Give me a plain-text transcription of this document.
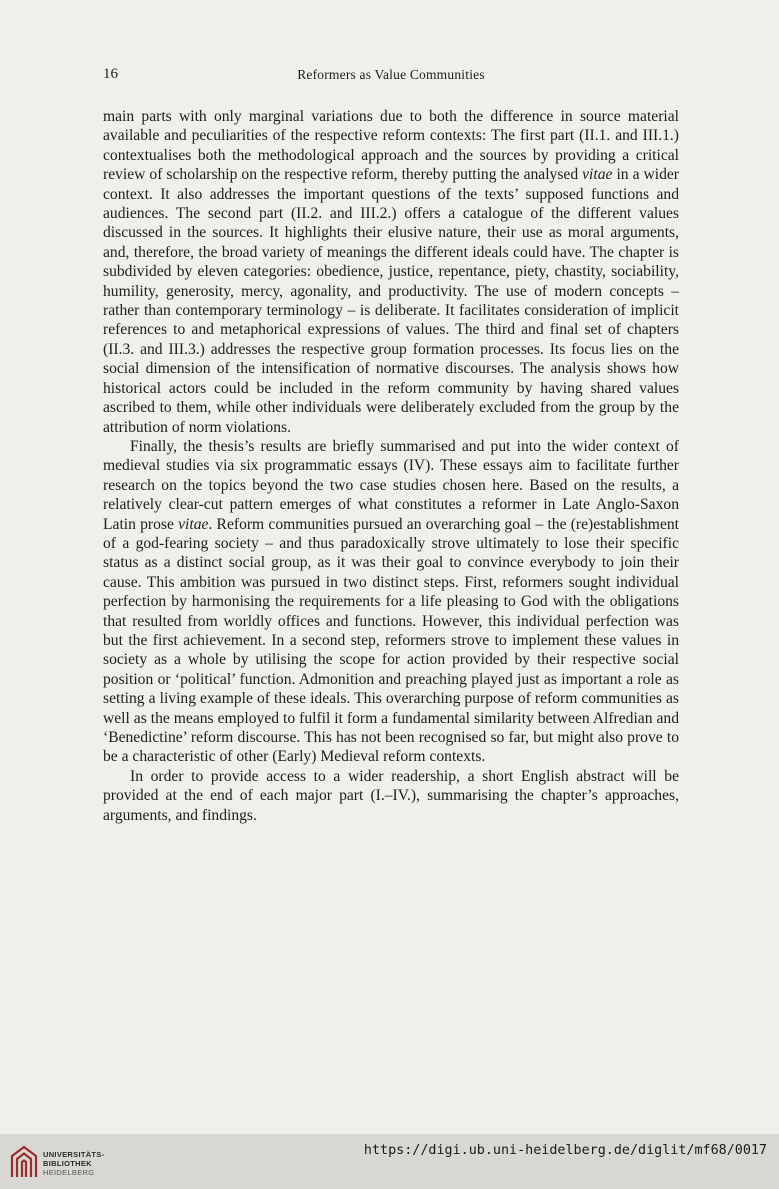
16	Reformers as Value Communities

main parts with only marginal variations due to both the difference in source material available and peculiarities of the respective reform contexts: The first part (II.1. and III.1.) contextualises both the methodological approach and the sources by providing a critical review of scholarship on the respective reform, thereby putting the analysed vitae in a wider context. It also addresses the important questions of the texts’ supposed functions and audiences. The second part (II.2. and III.2.) offers a catalogue of the different values discussed in the sources. It highlights their elusive nature, their use as moral arguments, and, therefore, the broad variety of meanings the different ideals could have. The chapter is subdivided by eleven categories: obedience, justice, repentance, piety, chastity, sociability, humility, generosity, mercy, agonality, and productivity. The use of modern concepts – rather than contemporary terminology – is deliberate. It facilitates consideration of implicit references to and metaphorical expressions of values. The third and final set of chapters (II.3. and III.3.) addresses the respective group formation processes. Its focus lies on the social dimension of the intensification of normative discourses. The analysis shows how historical actors could be included in the reform community by having shared values ascribed to them, while other individuals were deliberately excluded from the group by the attribution of norm violations.

Finally, the thesis’s results are briefly summarised and put into the wider context of medieval studies via six programmatic essays (IV). These essays aim to facilitate further research on the topics beyond the two case studies chosen here. Based on the results, a relatively clear-cut pattern emerges of what constitutes a reformer in Late Anglo-Saxon Latin prose vitae. Reform communities pursued an overarching goal – the (re)establishment of a god-fearing society – and thus paradoxically strove ultimately to lose their specific status as a distinct social group, as it was their goal to convince everybody to join their cause. This ambition was pursued in two distinct steps. First, reformers sought individual perfection by harmonising the requirements for a life pleasing to God with the obligations that resulted from worldly offices and functions. However, this individual perfection was but the first achievement. In a second step, reformers strove to implement these values in society as a whole by utilising the scope for action provided by their respective social position or ‘political’ function. Admonition and preaching played just as important a role as setting a living example of these ideals. This overarching purpose of reform communities as well as the means employed to fulfil it form a fundamental similarity between Alfredian and ‘Benedictine’ reform discourse. This has not been recognised so far, but might also prove to be a characteristic of other (Early) Medieval reform contexts.

In order to provide access to a wider readership, a short English abstract will be provided at the end of each major part (I.–IV.), summarising the chapter’s approaches, arguments, and findings.

UNIVERSITÄTS-
BIBLIOTHEK
HEIDELBERG
https://digi.ub.uni-heidelberg.de/diglit/mf68/0017
